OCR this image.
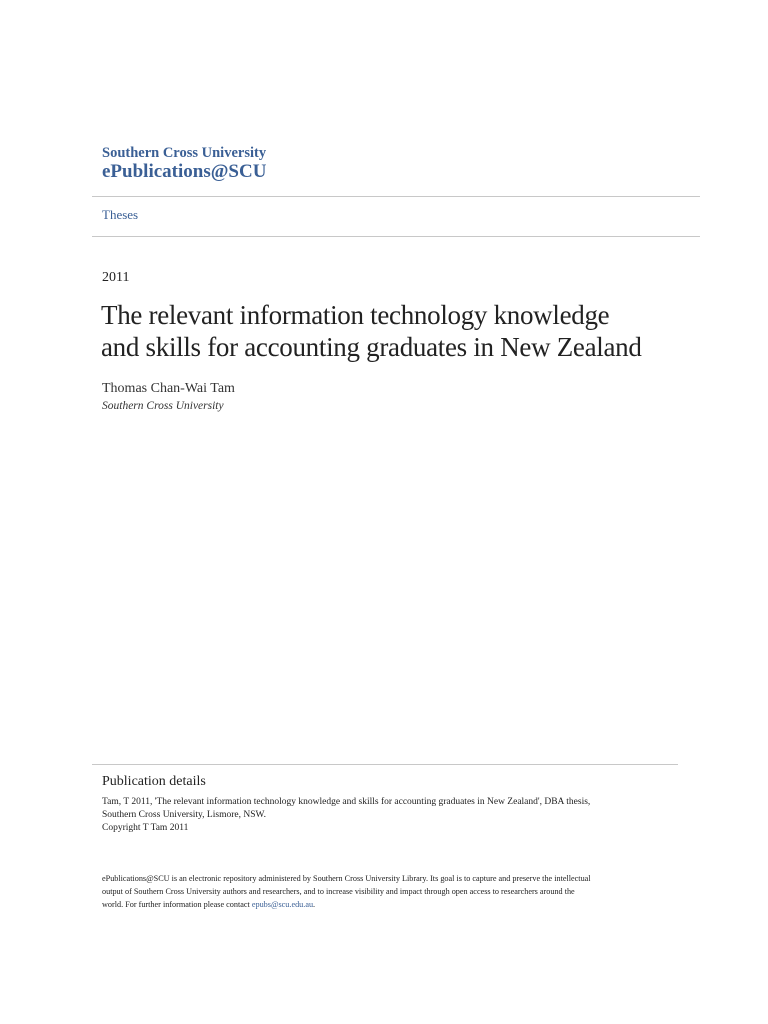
Southern Cross University
ePublications@SCU
Theses
2011
The relevant information technology knowledge
and skills for accounting graduates in New Zealand
Thomas Chan-Wai Tam
Southern Cross University
Publication details
Tam, T 2011, 'The relevant information technology knowledge and skills for accounting graduates in New Zealand', DBA thesis,
Southern Cross University, Lismore, NSW.
Copyright T Tam 2011
ePublications@SCU is an electronic repository administered by Southern Cross University Library. Its goal is to capture and preserve the intellectual
output of Southern Cross University authors and researchers, and to increase visibility and impact through open access to researchers around the
world. For further information please contact epubs@scu.edu.au.
